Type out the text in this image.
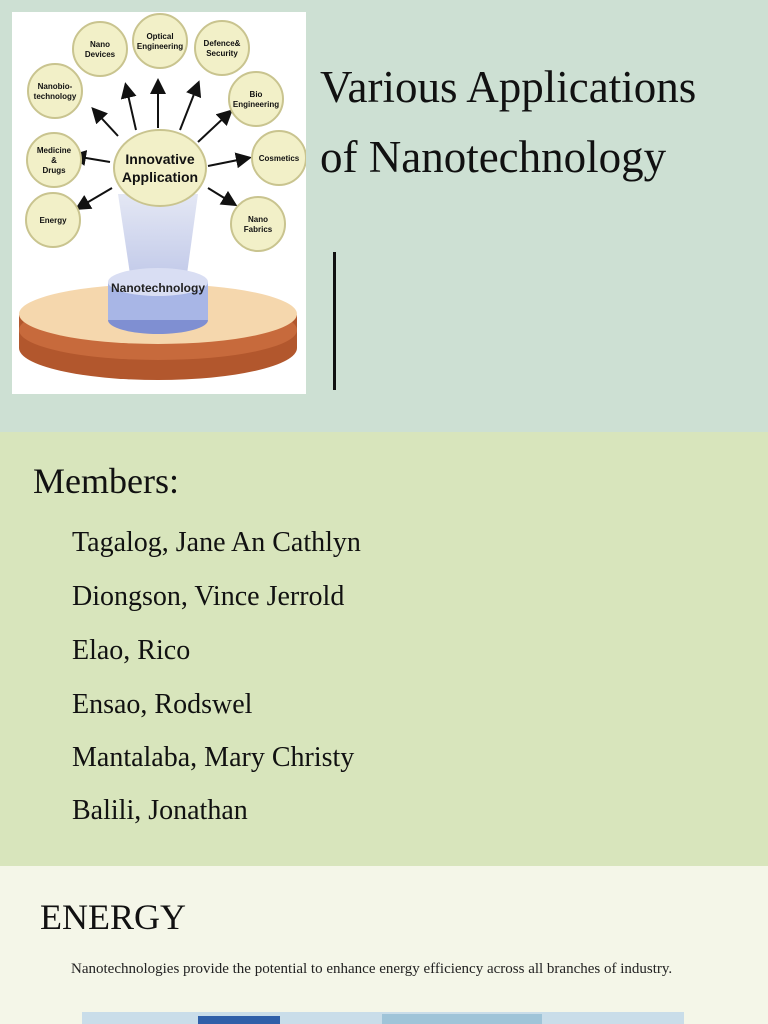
Nanotechnology
Nano
Devices
Optical
Engineering	Defence&
Security
Nanobio-
technology	Bio
Engineering
Medicine
&
Drugs
Cosmetics
Energy	Nano
Fabrics
Innovative
Application
Various Applications
of Nanotechnology
Members:
Tagalog, Jane An Cathlyn
Diongson, Vince Jerrold
Elao, Rico
Ensao, Rodswel
Mantalaba, Mary Christy
Balili, Jonathan
ENERGY
Nanotechnologies provide the potential to enhance energy efficiency across all branches of industry.
